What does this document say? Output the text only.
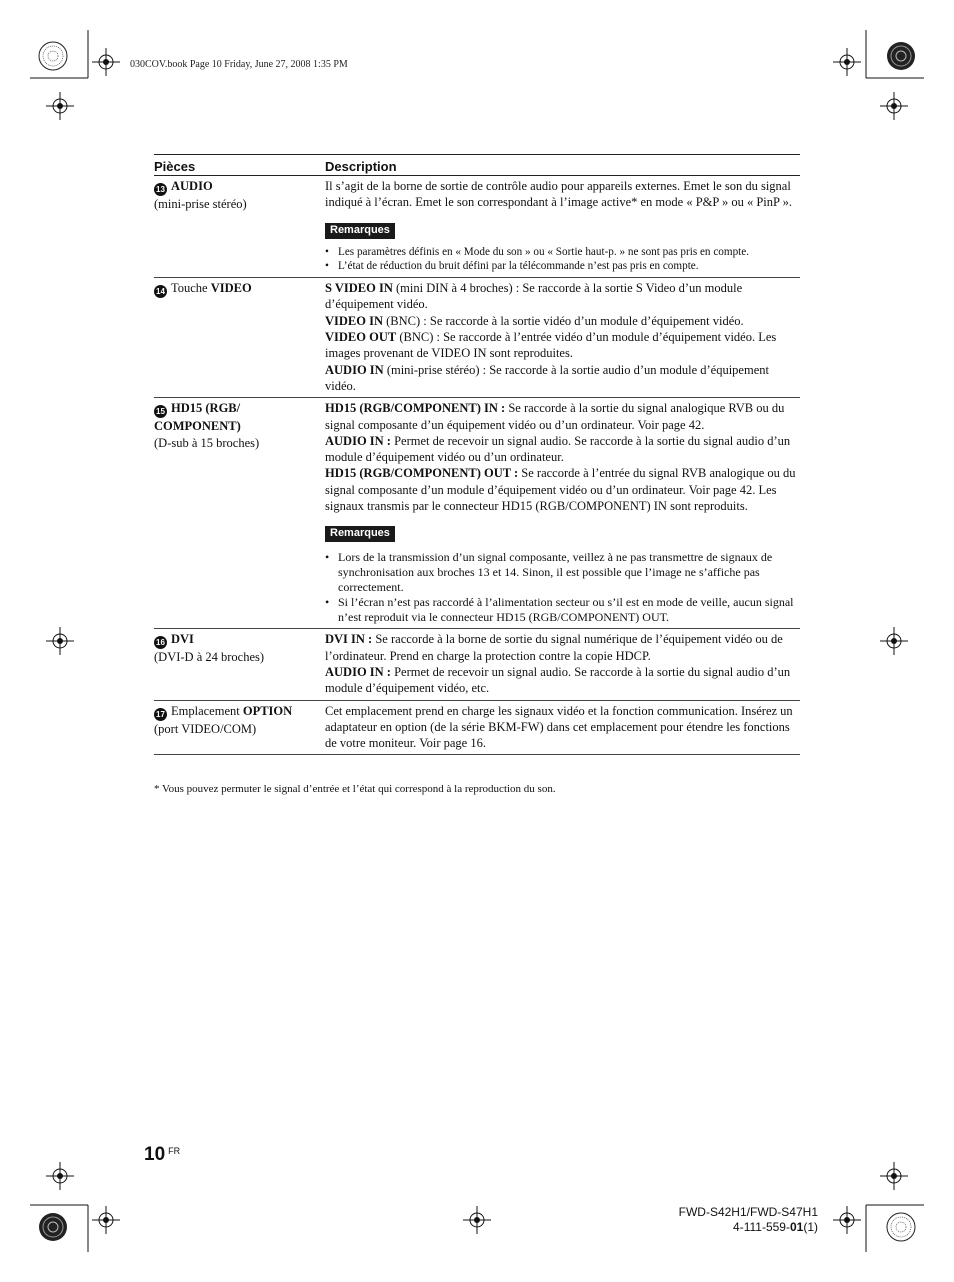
030COV.book Page 10 Friday, June 27, 2008 1:35 PM
Pièces	Description
13 AUDIO
(mini-prise stéréo)

Il s’agit de la borne de sortie de contrôle audio pour appareils externes. Emet le son du signal indiqué à l’écran. Emet le son correspondant à l’image active* en mode « P&P » ou « PinP ».

Remarques
• Les paramètres définis en « Mode du son » ou « Sortie haut-p. » ne sont pas pris en compte.
• L’état de réduction du bruit défini par la télécommande n’est pas pris en compte.
14 Touche VIDEO	S VIDEO IN (mini DIN à 4 broches) : Se raccorde à la sortie S Video d’un module d’équipement vidéo.

VIDEO IN (BNC) : Se raccorde à la sortie vidéo d’un module d’équipement vidéo.

VIDEO OUT (BNC) : Se raccorde à l’entrée vidéo d’un module d’équipement vidéo. Les images provenant de VIDEO IN sont reproduites.

AUDIO IN (mini-prise stéréo) : Se raccorde à la sortie audio d’un module d’équipement vidéo.

15 HD15 (RGB/ COMPONENT)
(D-sub à 15 broches)

HD15 (RGB/COMPONENT) IN : Se raccorde à la sortie du signal analogique RVB ou du signal composante d’un équipement vidéo ou d’un ordinateur. Voir page 42.

AUDIO IN : Permet de recevoir un signal audio. Se raccorde à la sortie du signal audio d’un module d’équipement vidéo ou d’un ordinateur.

HD15 (RGB/COMPONENT) OUT : Se raccorde à l’entrée du signal RVB analogique ou du signal composante d’un module d’équipement vidéo ou d’un ordinateur. Voir page 42. Les signaux transmis par le connecteur HD15 (RGB/COMPONENT) IN sont reproduits.

Remarques
• Lors de la transmission d’un signal composante, veillez à ne pas transmettre de signaux de synchronisation aux broches 13 et 14. Sinon, il est possible que l’image ne s’affiche pas correctement.
• Si l’écran n’est pas raccordé à l’alimentation secteur ou s’il est en mode de veille, aucun signal n’est reproduit via le connecteur HD15 (RGB/COMPONENT) OUT.
16 DVI
(DVI-D à 24 broches)

DVI IN : Se raccorde à la borne de sortie du signal numérique de l’équipement vidéo ou de l’ordinateur. Prend en charge la protection contre la copie HDCP.

AUDIO IN : Permet de recevoir un signal audio. Se raccorde à la sortie du signal audio d’un module d’équipement vidéo, etc.

17 Emplacement OPTION
(port VIDEO/COM)

Cet emplacement prend en charge les signaux vidéo et la fonction communication. Insérez un adaptateur en option (de la série BKM-FW) dans cet emplacement pour étendre les fonctions de votre moniteur. Voir page 16.

* Vous pouvez permuter le signal d’entrée et l’état qui correspond à la reproduction du son.
10 $^{FR}$
FWD-S42H1/FWD-S47H1
4-111-559-01(1)
